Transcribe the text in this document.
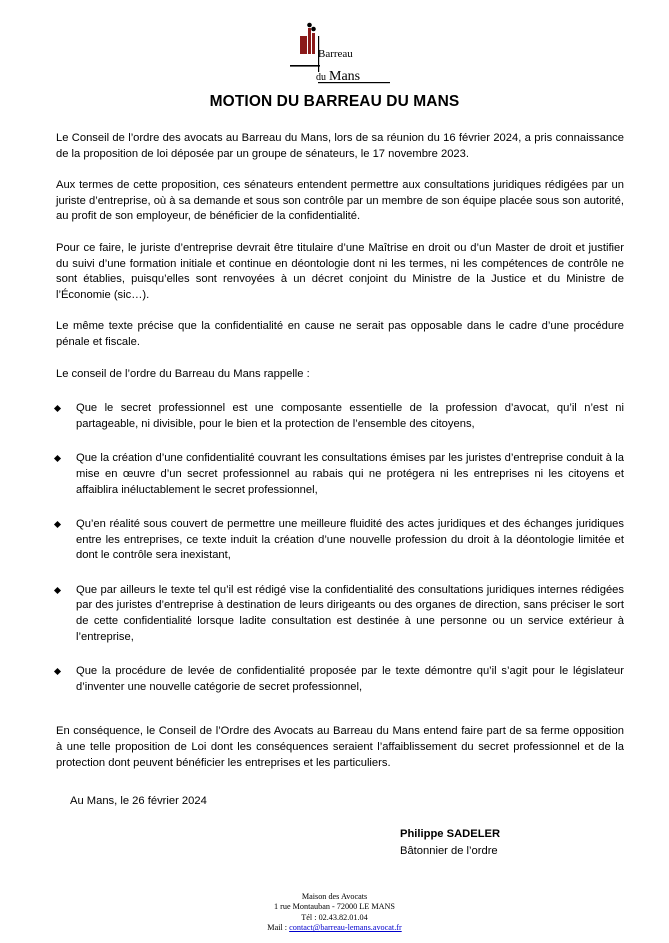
Barreau
du Mans
MOTION DU BARREAU DU MANS

Le Conseil de l’ordre des avocats au Barreau du Mans, lors de sa réunion du 16 février 2024, a pris connaissance de la proposition de loi déposée par un groupe de sénateurs, le 17 novembre 2023.

Aux termes de cette proposition, ces sénateurs entendent permettre aux consultations juridiques rédigées par un juriste d’entreprise, où à sa demande et sous son contrôle par un membre de son équipe placée sous son autorité, au profit de son employeur, de bénéficier de la confidentialité.

Pour ce faire, le juriste d’entreprise devrait être titulaire d’une Maîtrise en droit ou d’un Master de droit et justifier du suivi d’une formation initiale et continue en déontologie dont ni les termes, ni les compétences de contrôle ne sont établies, puisqu’elles sont renvoyées à un décret conjoint du Ministre de la Justice et du Ministre de l’Économie (sic…).

Le même texte précise que la confidentialité en cause ne serait pas opposable dans le cadre d’une procédure pénale et fiscale.

Le conseil de l’ordre du Barreau du Mans rappelle :

Que le secret professionnel est une composante essentielle de la profession d’avocat, qu’il n’est ni partageable, ni divisible, pour le bien et la protection de l’ensemble des citoyens,
Que la création d’une confidentialité couvrant les consultations émises par les juristes d’entreprise conduit à la mise en œuvre d’un secret professionnel au rabais qui ne protégera ni les entreprises ni les citoyens et affaiblira inéluctablement le secret professionnel,
Qu’en réalité sous couvert de permettre une meilleure fluidité des actes juridiques et des échanges juridiques entre les entreprises, ce texte induit la création d’une nouvelle profession du droit à la déontologie limitée et dont le contrôle sera inexistant,
Que par ailleurs le texte tel qu’il est rédigé vise la confidentialité des consultations juridiques internes rédigées par des juristes d’entreprise à destination de leurs dirigeants ou des organes de direction, sans préciser le sort de cette confidentialité lorsque ladite consultation est destinée à une personne ou un service extérieur à l’entreprise,
Que la procédure de levée de confidentialité proposée par le texte démontre qu’il s’agit pour le législateur d’inventer une nouvelle catégorie de secret professionnel,

En conséquence, le Conseil de l’Ordre des Avocats au Barreau du Mans entend faire part de sa ferme opposition à une telle proposition de Loi dont les conséquences seraient l’affaiblissement du secret professionnel et de la protection dont peuvent bénéficier les entreprises et les particuliers.

Au Mans, le 26 février 2024
Philippe SADELER
Bâtonnier de l’ordre
Maison des Avocats
1 rue Montauban - 72000 LE MANS
Tél : 02.43.82.01.04
Mail : contact@barreau-lemans.avocat.fr
